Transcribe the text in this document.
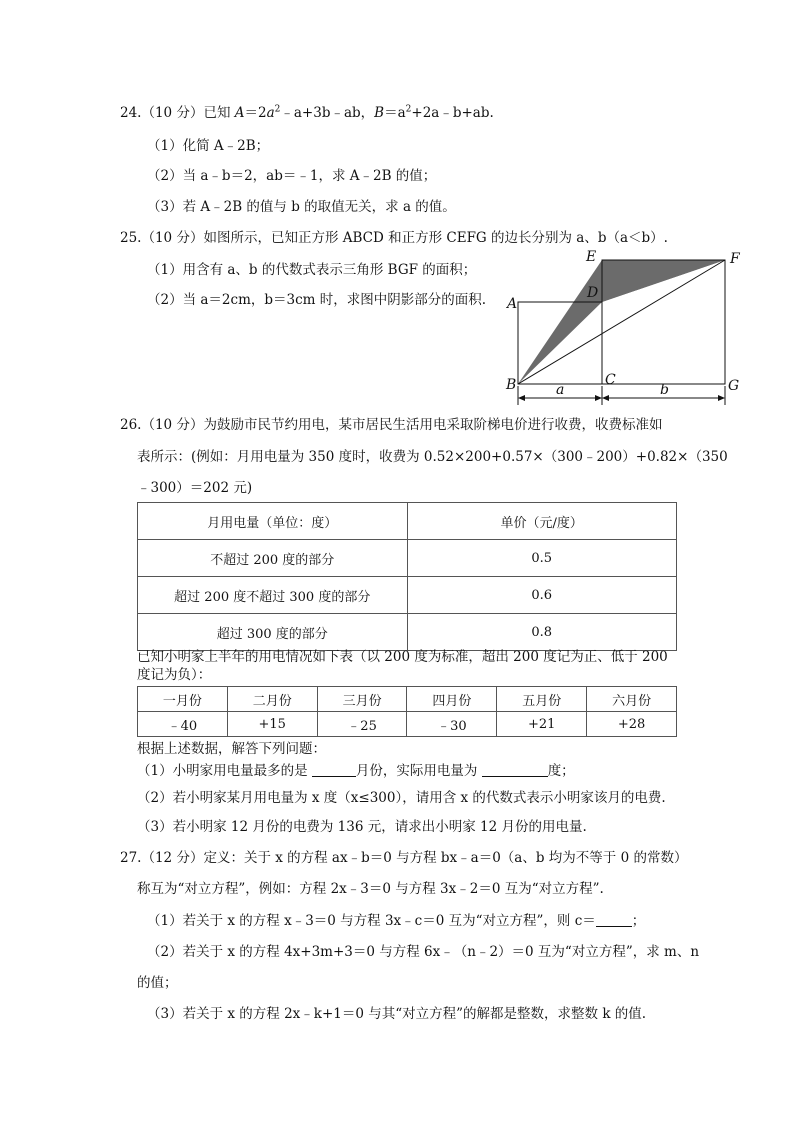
24.（10 分）已知 $A=2a^2﹣a+3b﹣ab$，$B=a^2+2a﹣b+ab$.
（1）化简 A﹣2B；
（2）当 a﹣b＝2，ab＝﹣1，求 A﹣2B 的值；
（3）若 A﹣2B 的值与 b 的取值无关，求 a 的值。
25.（10 分）如图所示，已知正方形 ABCD 和正方形 CEFG 的边长分别为 a、b（a＜b）.
（1）用含有 a、b 的代数式表示三角形 BGF 的面积；
（2）当 a＝2cm，b＝3cm 时，求图中阴影部分的面积. A
B	C
D
E	F
G
a	b
26.（10 分）为鼓励市民节约用电，某市居民生活用电采取阶梯电价进行收费，收费标准如
表所示：(例如：月用电量为 350 度时，收费为 0.52×200+0.57×（300﹣200）+0.82×（350
﹣300）＝202 元)
月用电量（单位：度）	单价（元/度）
不超过 200 度的部分	0.5
超过 200 度不超过 300 度的部分	0.6
超过 300 度的部分	0.8
已知小明家上半年的用电情况如下表（以 200 度为标准，超出 200 度记为正、低于 200
度记为负）：
一月份	二月份	三月份	四月份	五月份	六月份
﹣40	+15	﹣25	﹣30	+21	+28
根据上述数据，解答下列问题：
（1）小明家用电量最多的是	月份，实际用电量为	度；
（2）若小明家某月用电量为 x 度（x≤300），请用含 x 的代数式表示小明家该月的电费.
（3）若小明家 12 月份的电费为 136 元，请求出小明家 12 月份的用电量.
27.（12 分）定义：关于 x 的方程 ax﹣b＝0 与方程 bx﹣a＝0（a、b 均为不等于 0 的常数）
称互为“对立方程”，例如：方程 2x﹣3＝0 与方程 3x﹣2＝0 互为“对立方程”.
（1）若关于 x 的方程 x﹣3＝0 与方程 3x﹣c＝0 互为“对立方程”，则 c＝	；
（2）若关于 x 的方程 4x+3m+3＝0 与方程 6x﹣（n﹣2）＝0 互为“对立方程”，求 m、n
的值；
（3）若关于 x 的方程 2x﹣k+1＝0 与其“对立方程”的解都是整数，求整数 k 的值.
